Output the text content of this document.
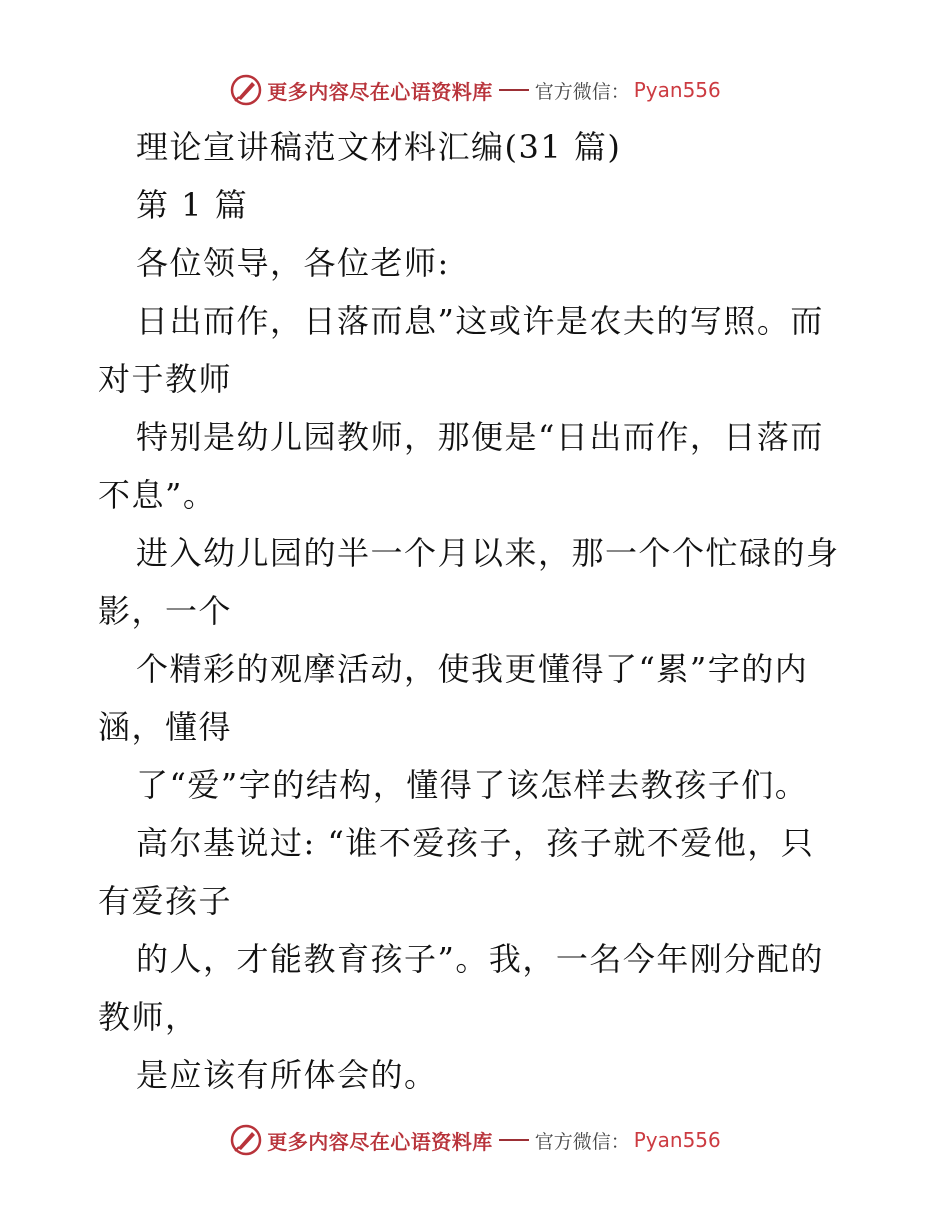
更多内容尽在心语资料库 官方微信： Pyan556

理论宣讲稿范文材料汇编(31 篇)

第 1 篇

各位领导，各位老师:

日出而作，日落而息”这或许是农夫的写照。而

对于教师

特别是幼儿园教师，那便是“日出而作，日落而

不息”。

进入幼儿园的半一个月以来，那一个个忙碌的身

影，一个

个精彩的观摩活动，使我更懂得了“累”字的内

涵，懂得

了“爱”字的结构，懂得了该怎样去教孩子们。

高尔基说过: “谁不爱孩子，孩子就不爱他，只

有爱孩子

的人，才能教育孩子”。我，一名今年刚分配的

教师，

是应该有所体会的。

更多内容尽在心语资料库 官方微信： Pyan556
